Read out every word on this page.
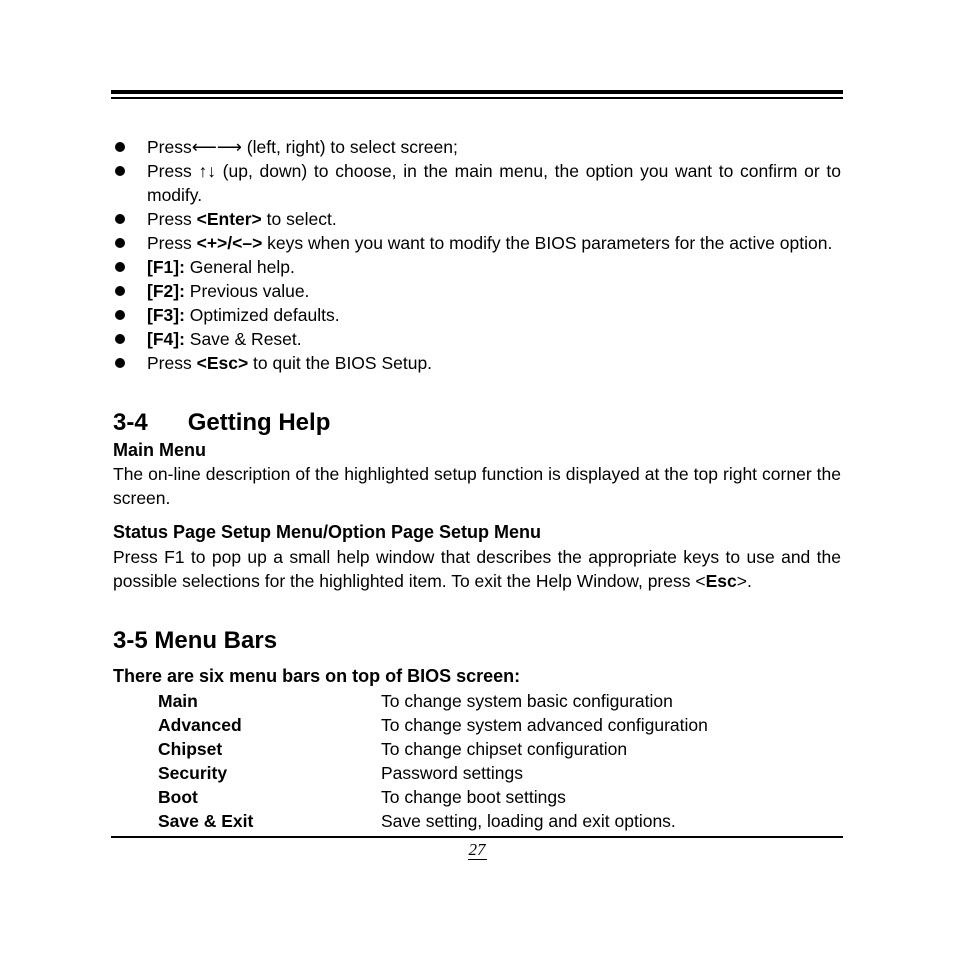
Press⟵⟶ (left, right) to select screen;
Press ↑↓ (up, down) to choose, in the main menu, the option you want to confirm or to modify.
Press <Enter> to select.
Press <+>/<–> keys when you want to modify the BIOS parameters for the active option.
[F1]: General help.
[F2]: Previous value.
[F3]: Optimized defaults.
[F4]: Save & Reset.
Press <Esc> to quit the BIOS Setup.
3-4      Getting Help
Main Menu
The on-line description of the highlighted setup function is displayed at the top right corner the screen.
Status Page Setup Menu/Option Page Setup Menu
Press F1 to pop up a small help window that describes the appropriate keys to use and the possible selections for the highlighted item. To exit the Help Window, press <Esc>.
3-5 Menu Bars
There are six menu bars on top of BIOS screen:
Main	To change system basic configuration
Advanced	To change system advanced configuration
Chipset	To change chipset configuration
Security	Password settings
Boot	To change boot settings
Save & Exit	Save setting, loading and exit options.
27
